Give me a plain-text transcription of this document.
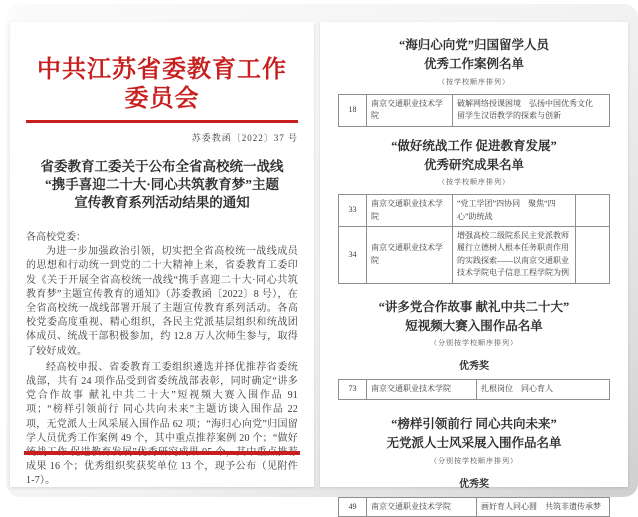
中共江苏省委教育工作委员会
苏委教函〔2022〕37 号
省委教育工委关于公布全省高校统一战线
“携手喜迎二十大·同心共筑教育梦”主题
宣传教育系列活动结果的通知
各高校党委：
为进一步加强政治引领，切实把全省高校统一战线成员的思想和行动统一到党的二十大精神上来，省委教育工委印发《关于开展全省高校统一战线“携手喜迎二十大·同心共筑教育梦”主题宣传教育的通知》（苏委教函〔2022〕8 号），在全省高校统一战线部署开展了主题宣传教育系列活动。各高校党委高度重视、精心组织，各民主党派基层组织和统战团体成员、统战干部积极参加，约 12.8 万人次师生参与，取得了较好成效。
经高校申报、省委教育工委组织遴选并择优推荐省委统战部，共有 24 项作品受到省委统战部表彰，同时确定“讲多党合作故事 献礼中共二十大”短视频大赛入围作品 91 项；“榜样引领前行 同心共向未来”主题访谈入围作品 22 项，无党派人士风采展入围作品 62 项；“海归心向党”归国留学人员优秀工作案例 49 个，其中重点推荐案例 20 个；“做好统战工作 促进教育发展”优秀研究成果 95 个，其中重点推荐成果 16 个；优秀组织奖获奖单位 13 个，现予公布（见附件 1-7）。
“海归心向党”归国留学人员
优秀工作案例名单
（按学校顺序排列）
18	南京交通职业技术学院	破解网络授课困境　弘扬中国优秀文化　留学生汉语教学的探索与创新
“做好统战工作 促进教育发展”
优秀研究成果名单
（按学校顺序排列）
33	南京交通职业技术学院	“党工学团”四协同　聚焦“四心”助统战	
34	南京交通职业技术学院	增强高校二级院系民主党派教师履行立德树人根本任务职责作用的实践探索——以南京交通职业技术学院电子信息工程学院为例	
“讲多党合作故事 献礼中共二十大”
短视频大赛入围作品名单
（分别按学校顺序排列）
优秀奖
73	南京交通职业技术学院	扎根岗位　同心育人
“榜样引领前行 同心共向未来”
无党派人士风采展入围作品名单
（分别按学校顺序排列）
优秀奖
49	南京交通职业技术学院	画好育人同心圆　共筑非遗传承梦
